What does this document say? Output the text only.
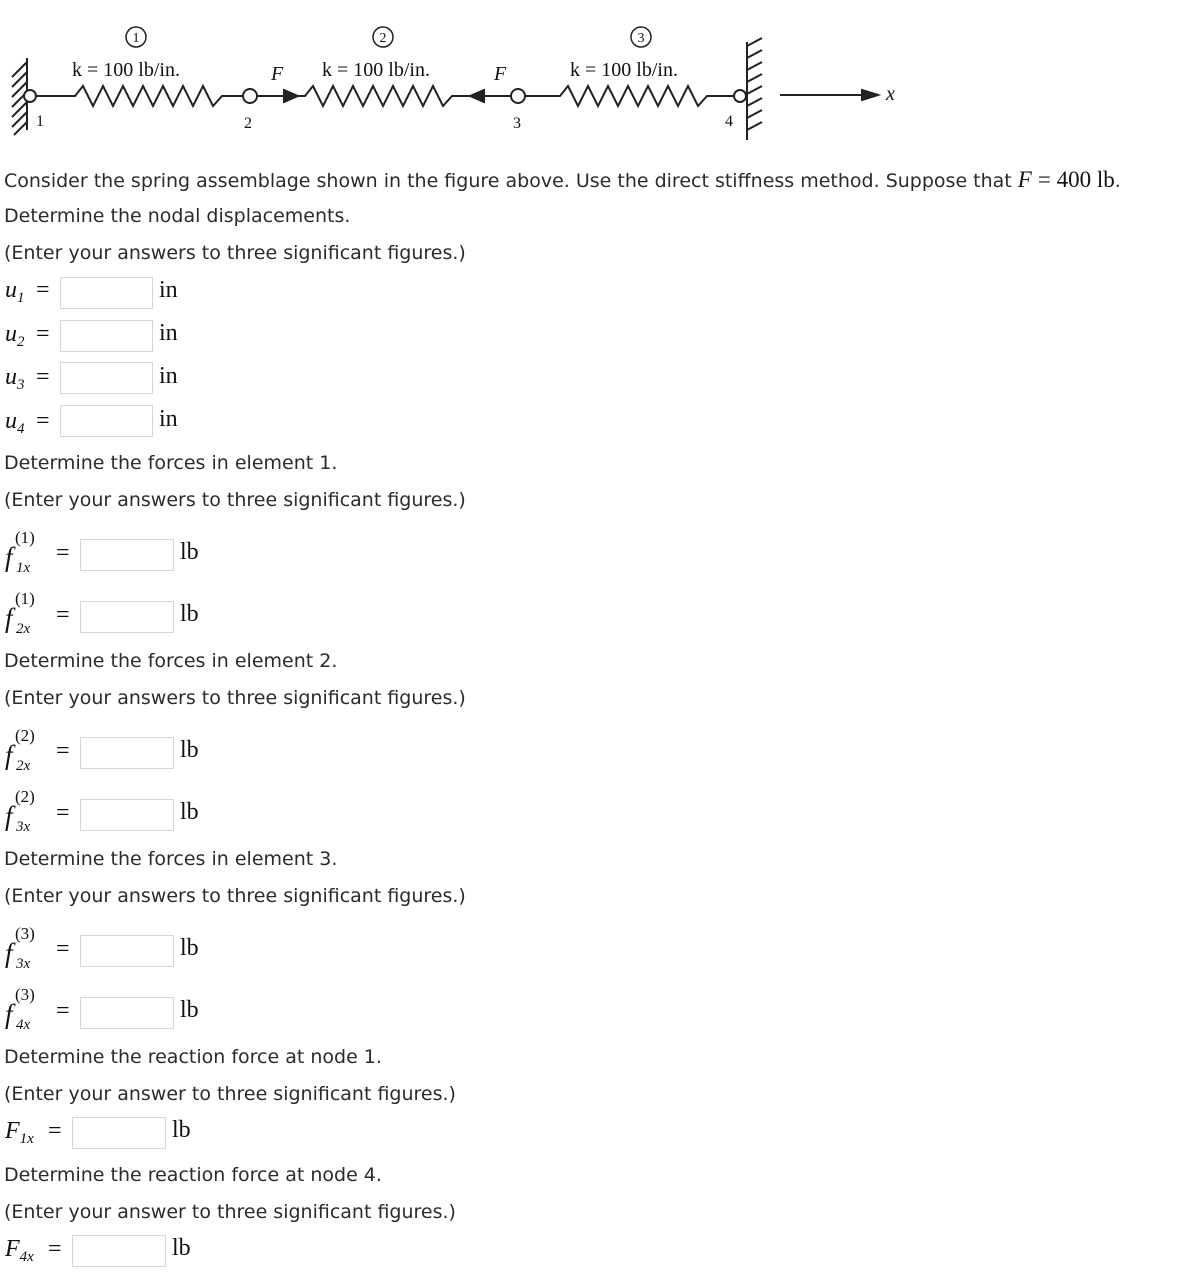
1	2	3
k = 100 lb/in.	k = 100 lb/in.	k = 100 lb/in.
F	F
x
1	2	3	4
Consider the spring assemblage shown in the figure above. Use the direct stiffness method. Suppose that F = 400 lb.
Determine the nodal displacements.
(Enter your answers to three significant figures.)
$u_1$ =	in
$u_2$ =	in
$u_3$ =	in
$u_4$ =	in
Determine the forces in element 1.
(Enter your answers to three significant figures.)
f
(1)
1x
=	lb
f
(1)
2x
=	lb
Determine the forces in element 2.
(Enter your answers to three significant figures.)
f
(2)
2x
=	lb
f
(2)
3x
=	lb
Determine the forces in element 3.
(Enter your answers to three significant figures.)
f
(3)
3x
=	lb
f
(3)
4x
=	lb
Determine the reaction force at node 1.
(Enter your answer to three significant figures.)
$F_{1x}$ =	lb
Determine the reaction force at node 4.
(Enter your answer to three significant figures.)
$F_{4x}$ =	lb
